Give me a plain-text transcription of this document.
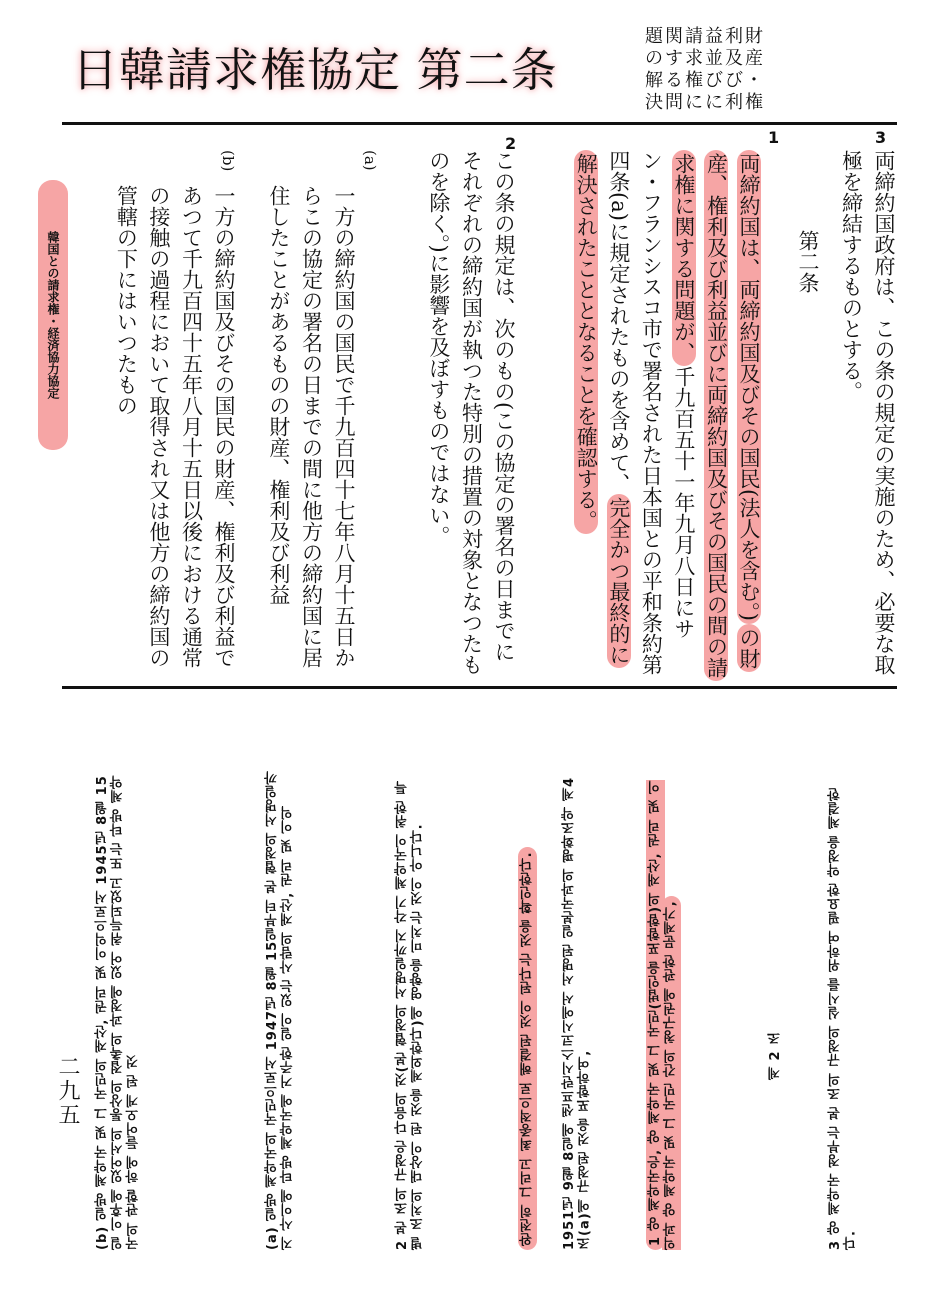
日韓請求権協定 第二条
題関請益利財
のす求並及産
解る権びび・
決問にに利権
韓国との請求権・経済協力協定
3
両締約国政府は、この条の規定の実施のため、必要な取極を締結するものとする。
第二条
1
両締約国は、両締約国及びその国民(法人を含む。)の財産、権利及び利益並びに両締約国及びその国民の間の請求権に関する問題が、千九百五十一年九月八日にサン・フランシスコ市で署名された日本国との平和条約第四条(a)に規定されたものを含めて、完全かつ最終的に解決されたこととなることを確認する。
2
この条の規定は、次のもの(この協定の署名の日までにそれぞれの締約国が執つた特別の措置の対象となつたものを除く。)に影響を及ぼすものではない。
(a)
一方の締約国の国民で千九百四十七年八月十五日からこの協定の署名の日までの間に他方の締約国に居住したことがあるものの財産、権利及び利益
(b)
一方の締約国及びその国民の財産、権利及び利益であつて千九百四十五年八月十五日以後における通常の接触の過程において取得され又は他方の締約国の管轄の下にはいつたもの
3 양 체약국 정부는 본 조의 규정의 실시를 위하여 필요한 약정을 체결한다.
제 2 조
1 양 체약국은, 양 체약국 및 그 국민(법인을 포함함)의 재산, 권리 및 이익과 양 체약국 및 그 국민 간의 청구권에 관한 문제가,
1951년 9월 8일에 샌프란시스코시에서 서명된 일본국과의 평화조약 제4조(a)에 규정된 것을 포함하여,
완전히 그리고 최종적으로 해결된 것이 된다는 것을 확인한다.
2 본 조의 규정은 다음의 것(본 협정의 서명일까지 각기 체약국이 취한 특별 조치의 대상이 된 것을 제외한다)에 영향을 미치는 것이 아니다.
(a) 일방 체약국의 국민으로서 1947년 8월 15일부터 본 협정의 서명일까지 사이에 타방 체약국에 거주한 일이 있는 사람의 재산, 권리 및 이익
(b) 일방 체약국 및 그 국민의 재산, 권리 및 이익으로서 1945년 8월 15일 이후에 있어서의 통상의 접촉의 과정에 있어 취득되었고 또는 타방 체약국의 관할 하에 들어오게 된 것
二九五
